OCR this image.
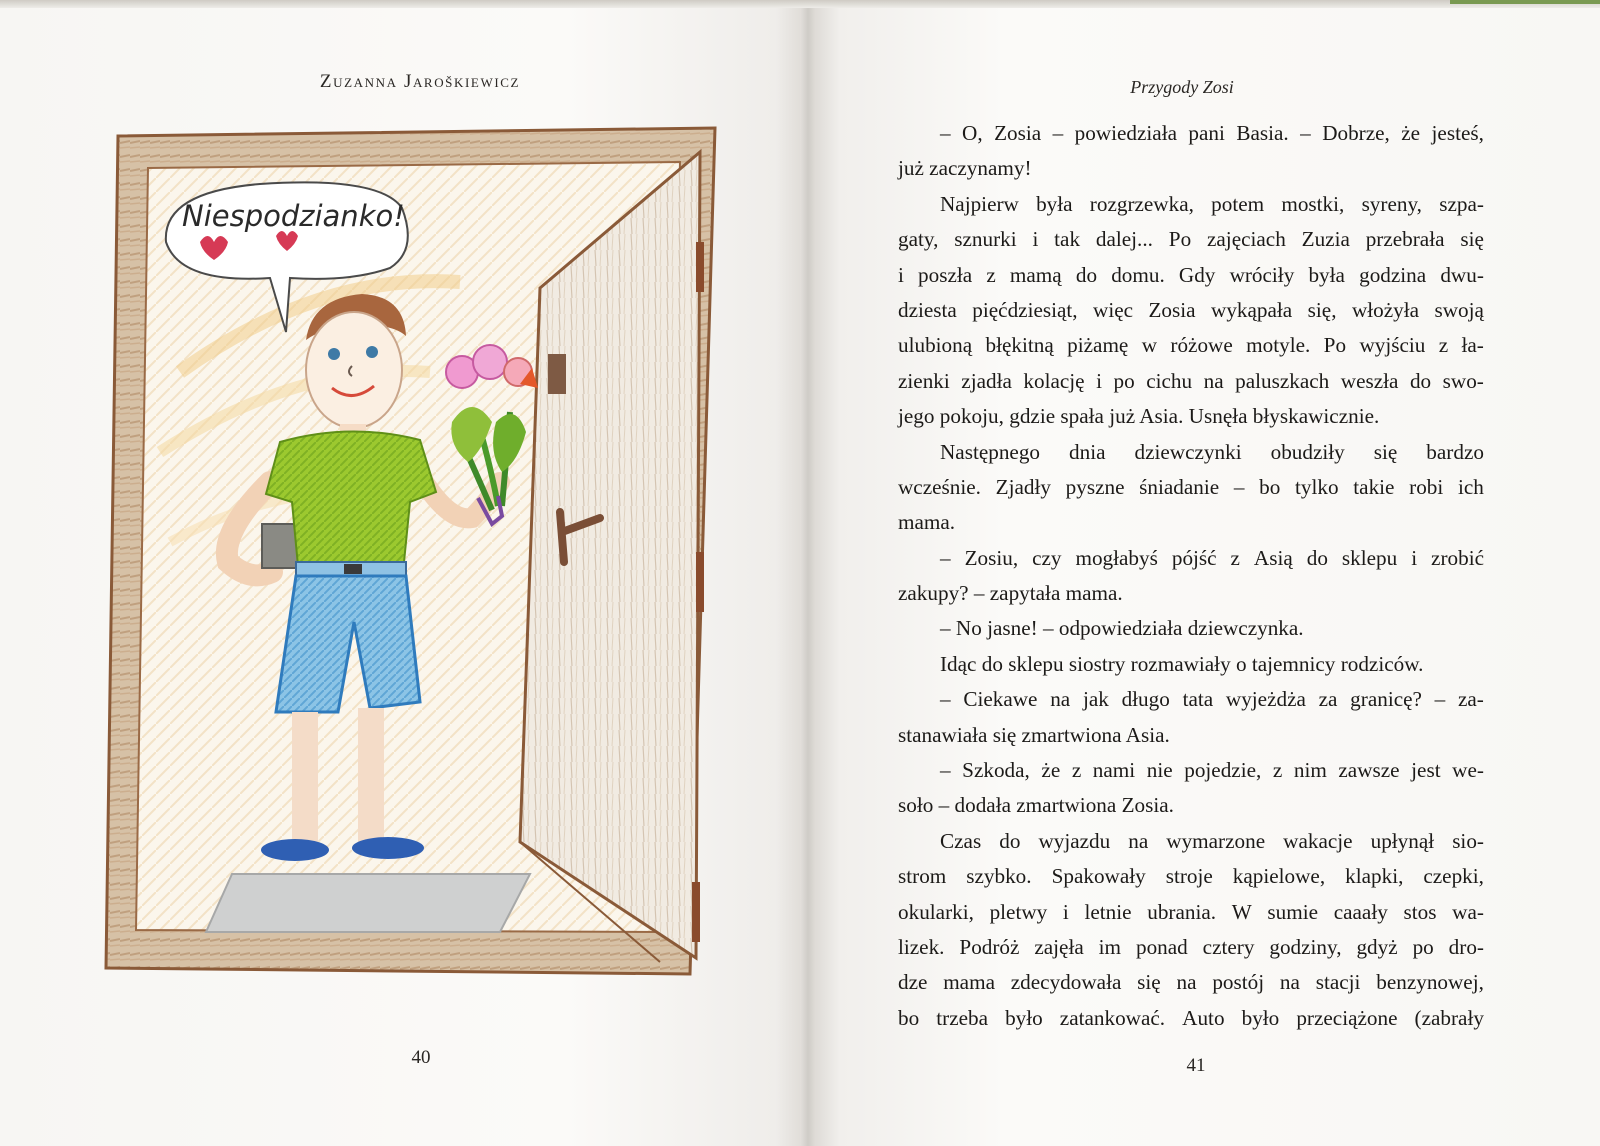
Zuzanna Jaroškiewicz	Przygody Zosi
Niespodzianko!
40
– O, Zosia – powiedziała pani Basia. – Dobrze, że jesteś,
już zaczynamy!
Najpierw była rozgrzewka, potem mostki, syreny, szpa-
gaty, sznurki i tak dalej... Po zajęciach Zuzia przebrała się
i poszła z mamą do domu. Gdy wróciły była godzina dwu-
dziesta pięćdziesiąt, więc Zosia wykąpała się, włożyła swoją
ulubioną błękitną piżamę w różowe motyle. Po wyjściu z ła-
zienki zjadła kolację i po cichu na paluszkach weszła do swo-
jego pokoju, gdzie spała już Asia. Usnęła błyskawicznie.
Następnego dnia dziewczynki obudziły się bardzo
wcześnie. Zjadły pyszne śniadanie – bo tylko takie robi ich
mama.
– Zosiu, czy mogłabyś pójść z Asią do sklepu i zrobić
zakupy? – zapytała mama.
– No jasne! – odpowiedziała dziewczynka.
Idąc do sklepu siostry rozmawiały o tajemnicy rodziców.
– Ciekawe na jak długo tata wyjeżdża za granicę? – za-
stanawiała się zmartwiona Asia.
– Szkoda, że z nami nie pojedzie, z nim zawsze jest we-
soło – dodała zmartwiona Zosia.
Czas do wyjazdu na wymarzone wakacje upłynął sio-
strom szybko. Spakowały stroje kąpielowe, klapki, czepki,
okularki, pletwy i letnie ubrania. W sumie caaały stos wa-
lizek. Podróż zajęła im ponad cztery godziny, gdyż po dro-
dze mama zdecydowała się na postój na stacji benzynowej,
bo trzeba było zatankować. Auto było przeciążone (zabrały
41
